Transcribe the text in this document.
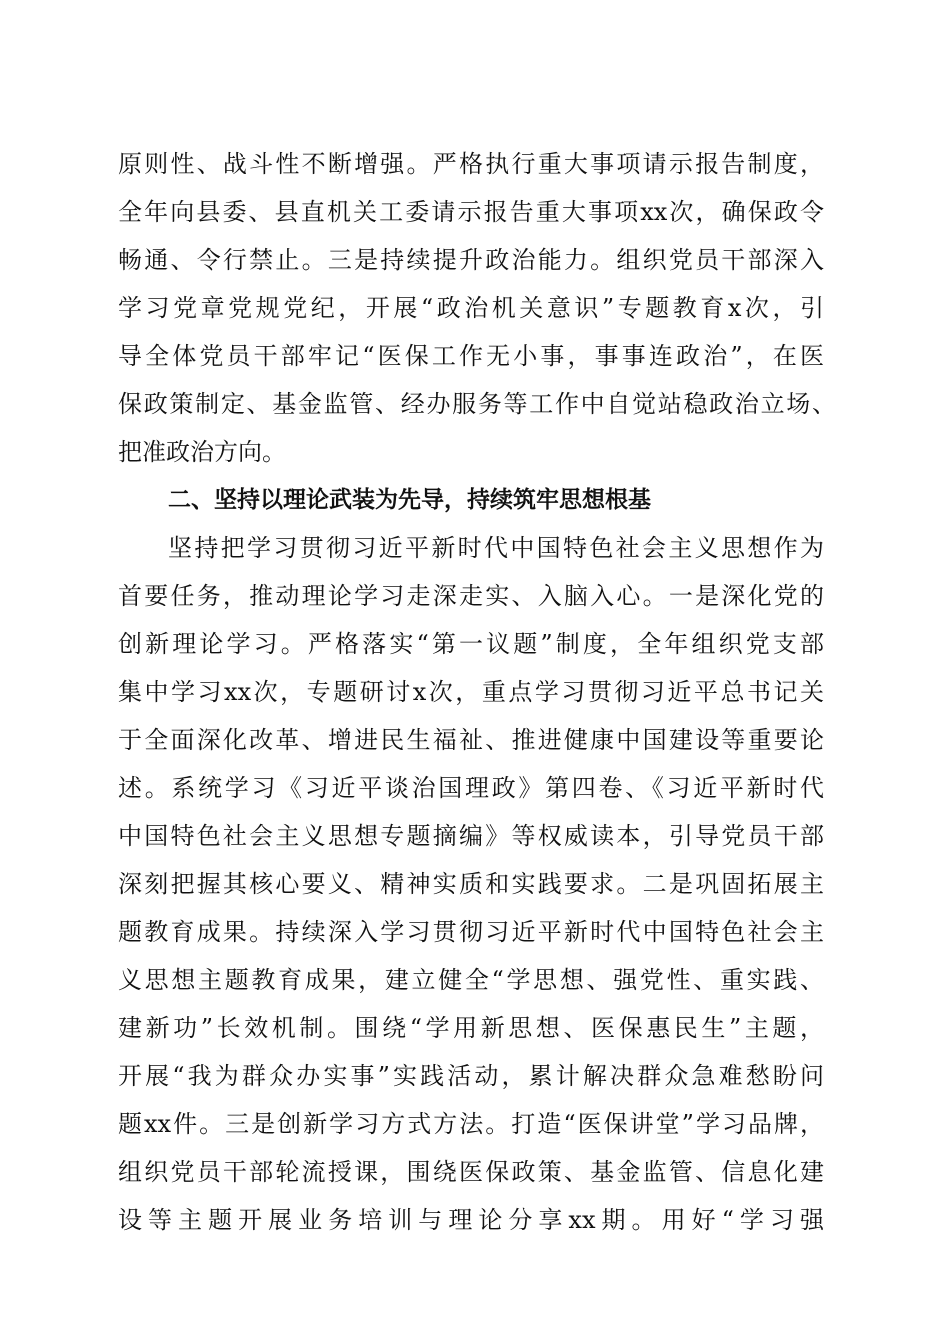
原则性、战斗性不断增强。严格执行重大事项请示报告制度，
全年向县委、县直机关工委请示报告重大事项xx次，确保政令
畅通、令行禁止。三是持续提升政治能力。组织党员干部深入
学习党章党规党纪，开展“政治机关意识”专题教育x次，引
导全体党员干部牢记“医保工作无小事，事事连政治”，在医
保政策制定、基金监管、经办服务等工作中自觉站稳政治立场、
把准政治方向。
二、坚持以理论武装为先导，持续筑牢思想根基
坚持把学习贯彻习近平新时代中国特色社会主义思想作为
首要任务，推动理论学习走深走实、入脑入心。一是深化党的
创新理论学习。严格落实“第一议题”制度，全年组织党支部
集中学习xx次，专题研讨x次，重点学习贯彻习近平总书记关
于全面深化改革、增进民生福祉、推进健康中国建设等重要论
述。系统学习《习近平谈治国理政》第四卷、《习近平新时代
中国特色社会主义思想专题摘编》等权威读本，引导党员干部
深刻把握其核心要义、精神实质和实践要求。二是巩固拓展主
题教育成果。持续深入学习贯彻习近平新时代中国特色社会主
义思想主题教育成果，建立健全“学思想、强党性、重实践、
建新功”长效机制。围绕“学用新思想、医保惠民生”主题，
开展“我为群众办实事”实践活动，累计解决群众急难愁盼问
题xx件。三是创新学习方式方法。打造“医保讲堂”学习品牌，
组织党员干部轮流授课，围绕医保政策、基金监管、信息化建
设等主题开展业务培训与理论分享xx期。用好“学习强
